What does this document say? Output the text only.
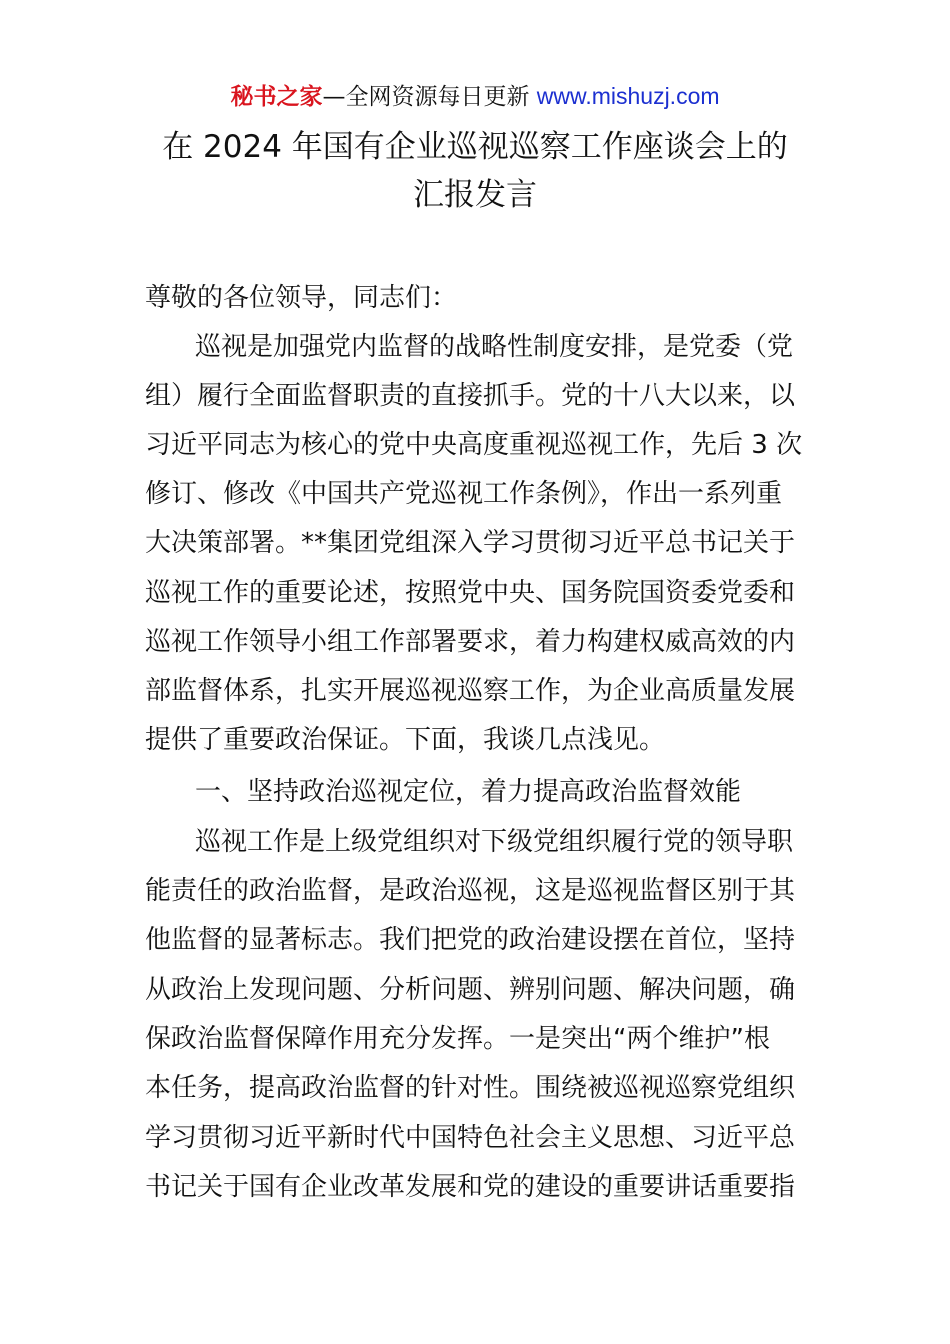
秘书之家—全网资源每日更新 www.mishuzj.com
在 2024 年国有企业巡视巡察工作座谈会上的
汇报发言
尊敬的各位领导，同志们：
巡视是加强党内监督的战略性制度安排，是党委（党
组）履行全面监督职责的直接抓手。党的十八大以来，以
习近平同志为核心的党中央高度重视巡视工作，先后 3 次
修订、修改《中国共产党巡视工作条例》，作出一系列重
大决策部署。**集团党组深入学习贯彻习近平总书记关于
巡视工作的重要论述，按照党中央、国务院国资委党委和
巡视工作领导小组工作部署要求，着力构建权威高效的内
部监督体系，扎实开展巡视巡察工作，为企业高质量发展
提供了重要政治保证。下面，我谈几点浅见。
一、坚持政治巡视定位，着力提高政治监督效能
巡视工作是上级党组织对下级党组织履行党的领导职
能责任的政治监督，是政治巡视，这是巡视监督区别于其
他监督的显著标志。我们把党的政治建设摆在首位，坚持
从政治上发现问题、分析问题、辨别问题、解决问题，确
保政治监督保障作用充分发挥。一是突出“两个维护”根
本任务，提高政治监督的针对性。围绕被巡视巡察党组织
学习贯彻习近平新时代中国特色社会主义思想、习近平总
书记关于国有企业改革发展和党的建设的重要讲话重要指
